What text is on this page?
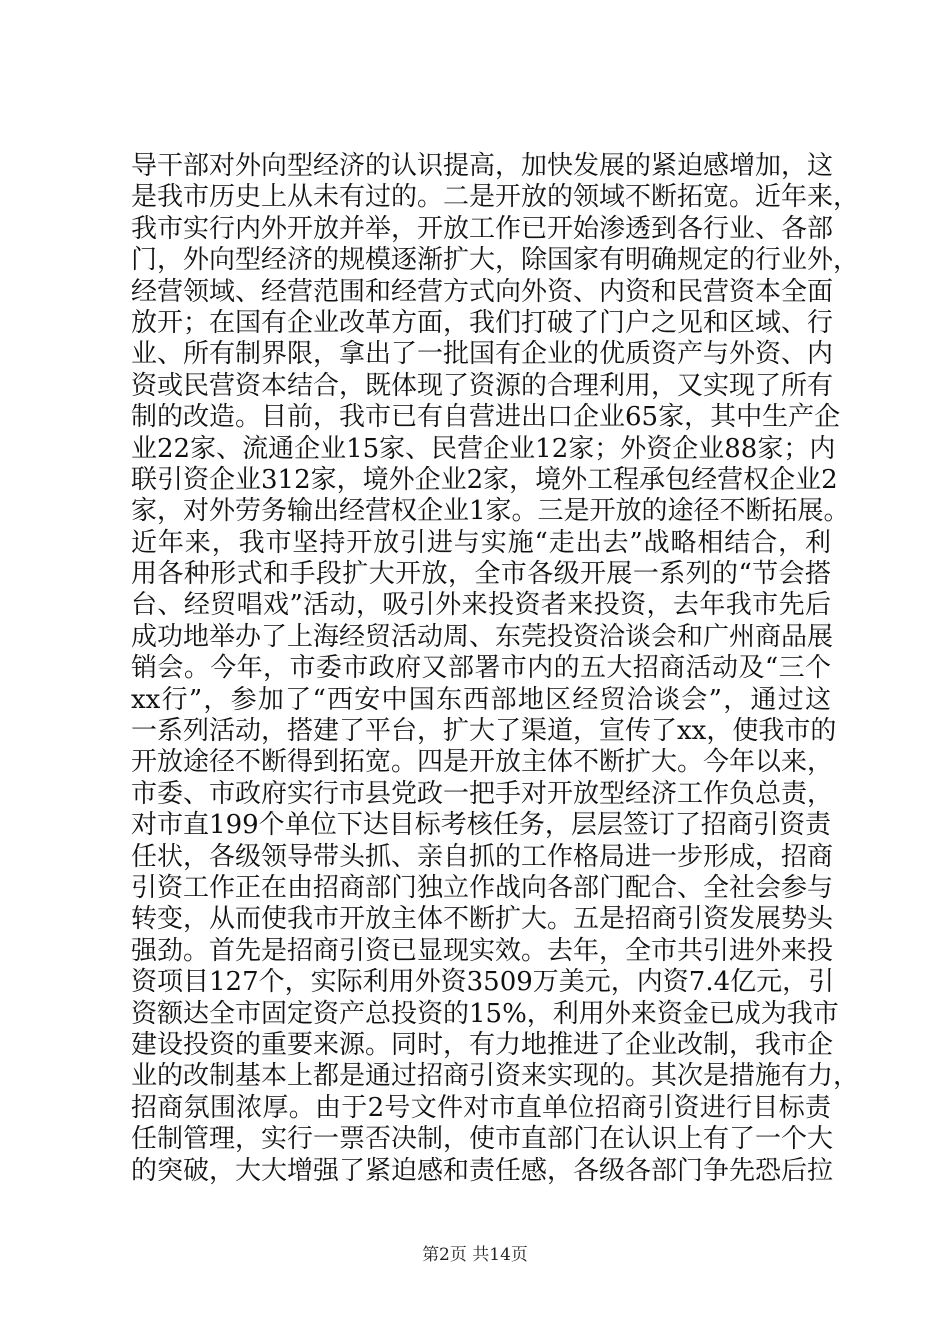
导干部对外向型经济的认识提高，加快发展的紧迫感增加，这
是我市历史上从未有过的。二是开放的领域不断拓宽。近年来，
我市实行内外开放并举，开放工作已开始渗透到各行业、各部
门，外向型经济的规模逐渐扩大，除国家有明确规定的行业外，
经营领域、经营范围和经营方式向外资、内资和民营资本全面
放开；在国有企业改革方面，我们打破了门户之见和区域、行
业、所有制界限，拿出了一批国有企业的优质资产与外资、内
资或民营资本结合，既体现了资源的合理利用，又实现了所有
制的改造。目前，我市已有自营进出口企业65家，其中生产企
业22家、流通企业15家、民营企业12家；外资企业88家；内
联引资企业312家，境外企业2家，境外工程承包经营权企业2
家，对外劳务输出经营权企业1家。三是开放的途径不断拓展。
近年来，我市坚持开放引进与实施“走出去”战略相结合，利
用各种形式和手段扩大开放，全市各级开展一系列的“节会搭
台、经贸唱戏”活动，吸引外来投资者来投资，去年我市先后
成功地举办了上海经贸活动周、东莞投资洽谈会和广州商品展
销会。今年，市委市政府又部署市内的五大招商活动及“三个
xx行”，参加了“西安中国东西部地区经贸洽谈会”，通过这
一系列活动，搭建了平台，扩大了渠道，宣传了xx，使我市的
开放途径不断得到拓宽。四是开放主体不断扩大。今年以来，
市委、市政府实行市县党政一把手对开放型经济工作负总责，
对市直199个单位下达目标考核任务，层层签订了招商引资责
任状，各级领导带头抓、亲自抓的工作格局进一步形成，招商
引资工作正在由招商部门独立作战向各部门配合、全社会参与
转变，从而使我市开放主体不断扩大。五是招商引资发展势头
强劲。首先是招商引资已显现实效。去年，全市共引进外来投
资项目127个，实际利用外资3509万美元，内资7.4亿元，引
资额达全市固定资产总投资的15%，利用外来资金已成为我市
建设投资的重要来源。同时，有力地推进了企业改制，我市企
业的改制基本上都是通过招商引资来实现的。其次是措施有力，
招商氛围浓厚。由于2号文件对市直单位招商引资进行目标责
任制管理，实行一票否决制，使市直部门在认识上有了一个大
的突破，大大增强了紧迫感和责任感，各级各部门争先恐后拉
第2页 共14页
